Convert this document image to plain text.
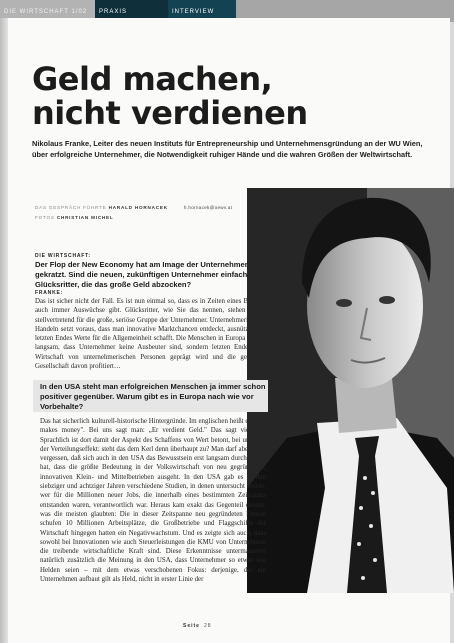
DIE WIRTSCHAFT 1/02	PRAXIS	INTERVIEW
Geld machen,
nicht verdienen
Nikolaus Franke, Leiter des neuen Instituts für Entrepreneurship und Unternehmensgründung an der WU Wien, über erfolgreiche Unternehmer, die Notwendigkeit ruhiger Hände und die wahren Größen der Weltwirtschaft.
DAS GESPRÄCH FÜHRTE HARALD HORNACEK	h.hornacek@oewv.at
FOTOS CHRISTIAN MICHEL
DIE WIRTSCHAFT:
Der Flop der New Economy hat am Image der Unternehmer gekratzt. Sind die neuen, zukünftigen Unternehmer einfach Glücksritter, die das große Geld abzocken?
FRANKE:
Das ist sicher nicht der Fall. Es ist nun einmal so, dass es in Zeiten eines Booms auch immer Auswüchse gibt. Glücksritter, wie Sie das nennen, stehen nicht stellvertretend für die große, seriöse Gruppe der Unternehmer. Unternehmerisches Handeln setzt voraus, dass man innovative Marktchancen entdeckt, ausnützt und letzten Endes Werte für die Allgemeinheit schafft. Die Menschen in Europa sehen langsam, dass Unternehmer keine Ausbeuter sind, sondern letzten Endes die Wirtschaft von unternehmerischen Personen geprägt wird und die gesamte Gesellschaft davon profitiert…
In den USA steht man erfolgreichen Menschen ja immer schon positiver gegenüber. Warum gibt es in Europa nach wie vor Vorbehalte?
Das hat sicherlich kulturell-historische Hintergründe. Im englischen heißt es: „He makes money". Bei uns sagt man: „Er verdient Geld." Das sagt viel aus: Sprachlich ist dort damit der Aspekt des Schaffens von Wert betont, bei uns eher der Verteilungseffekt: steht das dem Kerl denn überhaupt zu? Man darf aber nicht vergessen, daß sich auch in den USA das Bewusstsein erst langsam durchgesetzt hat, dass die größte Bedeutung in der Volkswirtschaft von neu gegründeten, innovativen Klein- und Mittelbetrieben ausgeht. In den USA gab es in den siebziger und achtziger Jahren verschiedene Studien, in denen untersucht wurde, wer für die Millionen neuer Jobs, die innerhalb eines bestimmten Zeitraums entstanden waren, verantwortlich war. Heraus kam exakt das Gegenteil dessen, was die meisten glaubten: Die in dieser Zeitspanne neu gegründeten Firmen schufen 10 Millionen Arbeitsplätze, die Großbetriebe und Flaggschiffe der Wirtschaft hingegen hatten ein Negativwachstum. Und es zeigte sich auch, dass sowohl bei Innovationen wie auch Steuerleistungen die KMU von Unternehmen die treibende wirtschaftliche Kraft sind. Diese Erkenntnisse untermauerten natürlich zusätzlich die Meinung in den USA, dass Unternehmer so etwas wie Helden seien – mit dem etwas verschobenen Fokus: derjenige, der ein Unternehmen aufbaut gilt als Held, nicht in erster Linie der
Seite 28
